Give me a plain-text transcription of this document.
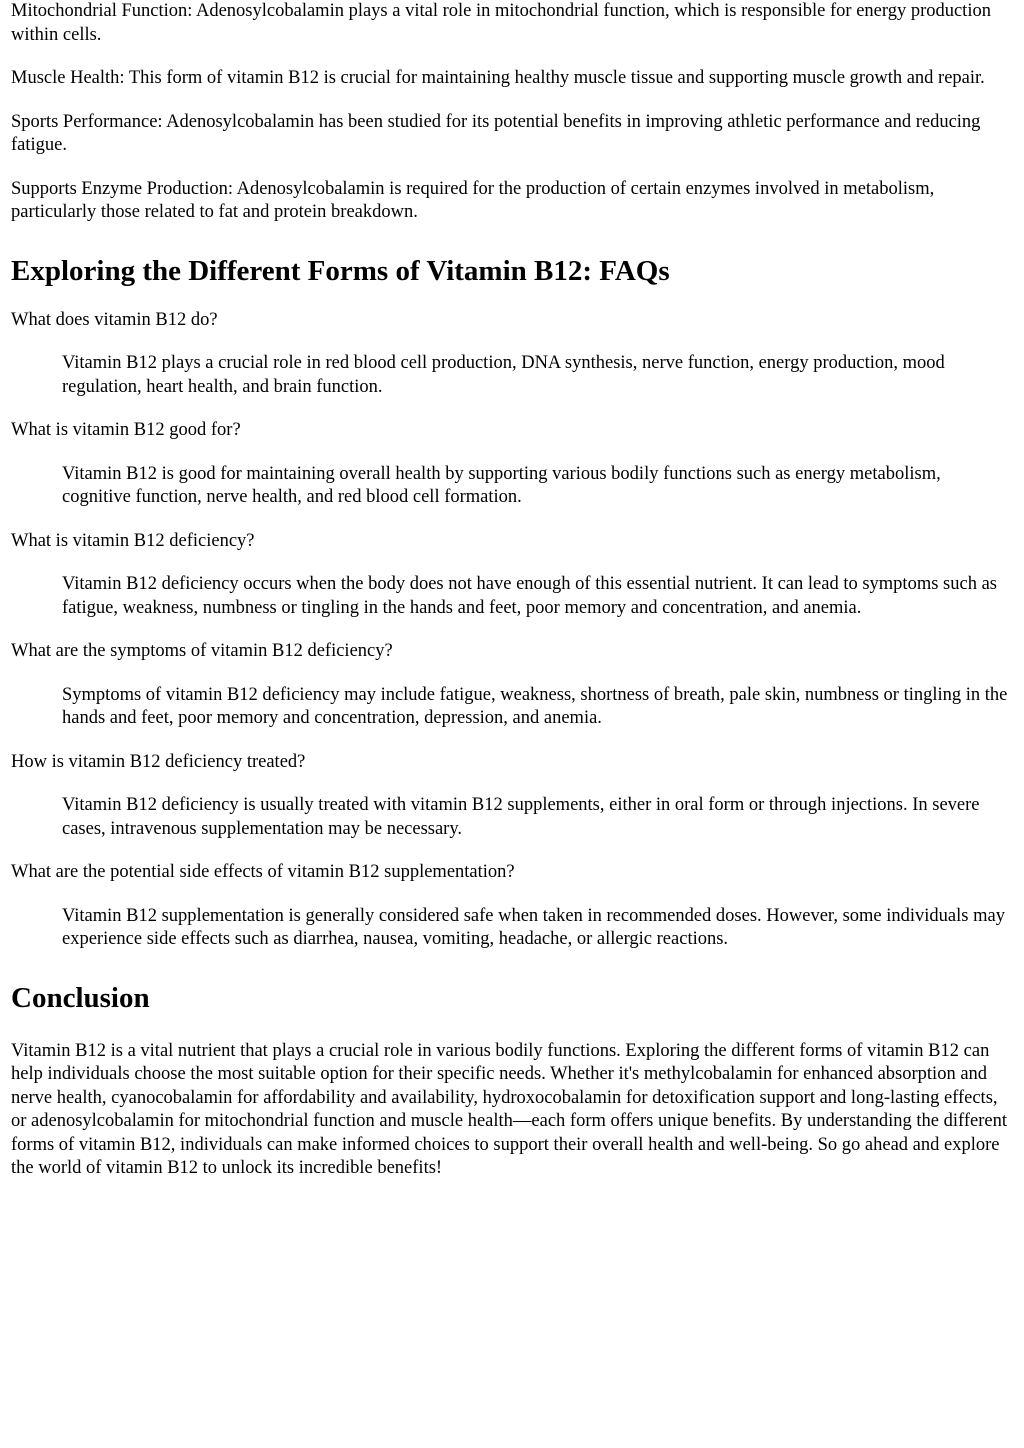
Mitochondrial Function: Adenosylcobalamin plays a vital role in mitochondrial function, which is responsible for energy production within cells.

Muscle Health: This form of vitamin B12 is crucial for maintaining healthy muscle tissue and supporting muscle growth and repair.

Sports Performance: Adenosylcobalamin has been studied for its potential benefits in improving athletic performance and reducing fatigue.

Supports Enzyme Production: Adenosylcobalamin is required for the production of certain enzymes involved in metabolism, particularly those related to fat and protein breakdown.

Exploring the Different Forms of Vitamin B12: FAQs
What does vitamin B12 do?
Vitamin B12 plays a crucial role in red blood cell production, DNA synthesis, nerve function, energy production, mood regulation, heart health, and brain function.
What is vitamin B12 good for?
Vitamin B12 is good for maintaining overall health by supporting various bodily functions such as energy metabolism, cognitive function, nerve health, and red blood cell formation.
What is vitamin B12 deficiency?
Vitamin B12 deficiency occurs when the body does not have enough of this essential nutrient. It can lead to symptoms such as fatigue, weakness, numbness or tingling in the hands and feet, poor memory and concentration, and anemia.
What are the symptoms of vitamin B12 deficiency?
Symptoms of vitamin B12 deficiency may include fatigue, weakness, shortness of breath, pale skin, numbness or tingling in the hands and feet, poor memory and concentration, depression, and anemia.
How is vitamin B12 deficiency treated?
Vitamin B12 deficiency is usually treated with vitamin B12 supplements, either in oral form or through injections. In severe cases, intravenous supplementation may be necessary.
What are the potential side effects of vitamin B12 supplementation?
Vitamin B12 supplementation is generally considered safe when taken in recommended doses. However, some individuals may experience side effects such as diarrhea, nausea, vomiting, headache, or allergic reactions.
Conclusion

Vitamin B12 is a vital nutrient that plays a crucial role in various bodily functions. Exploring the different forms of vitamin B12 can help individuals choose the most suitable option for their specific needs. Whether it's methylcobalamin for enhanced absorption and nerve health, cyanocobalamin for affordability and availability, hydroxocobalamin for detoxification support and long-lasting effects, or adenosylcobalamin for mitochondrial function and muscle health—each form offers unique benefits. By understanding the different forms of vitamin B12, individuals can make informed choices to support their overall health and well-being. So go ahead and explore the world of vitamin B12 to unlock its incredible benefits!
